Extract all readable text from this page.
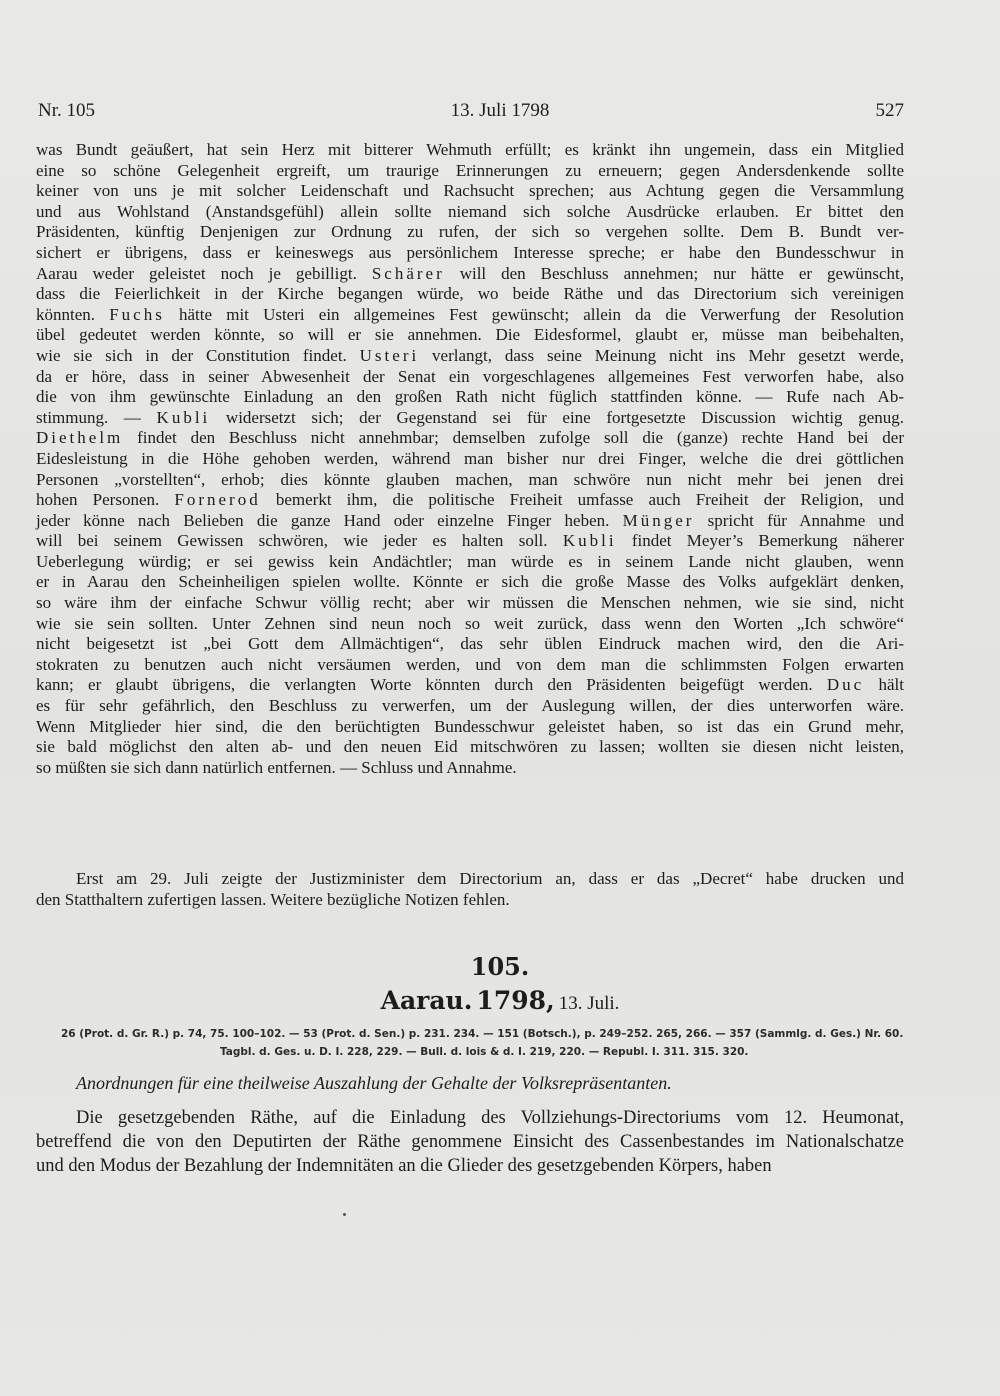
Nr. 105	13. Juli 1798	527

was Bundt geäußert, hat sein Herz mit bitterer Wehmuth erfüllt; es kränkt ihn ungemein, dass ein Mitglied

eine so schöne Gelegenheit ergreift, um traurige Erinnerungen zu erneuern; gegen Andersdenkende sollte

keiner von uns je mit solcher Leidenschaft und Rachsucht sprechen; aus Achtung gegen die Versammlung

und aus Wohlstand (Anstandsgefühl) allein sollte niemand sich solche Ausdrücke erlauben. Er bittet den

Präsidenten, künftig Denjenigen zur Ordnung zu rufen, der sich so vergehen sollte. Dem B. Bundt ver-

sichert er übrigens, dass er keineswegs aus persönlichem Interesse spreche; er habe den Bundesschwur in

Aarau weder geleistet noch je gebilligt. Schärer will den Beschluss annehmen; nur hätte er gewünscht,

dass die Feierlichkeit in der Kirche begangen würde, wo beide Räthe und das Directorium sich vereinigen

könnten. Fuchs hätte mit Usteri ein allgemeines Fest gewünscht; allein da die Verwerfung der Resolution

übel gedeutet werden könnte, so will er sie annehmen. Die Eidesformel, glaubt er, müsse man beibehalten,

wie sie sich in der Constitution findet. Usteri verlangt, dass seine Meinung nicht ins Mehr gesetzt werde,

da er höre, dass in seiner Abwesenheit der Senat ein vorgeschlagenes allgemeines Fest verworfen habe, also

die von ihm gewünschte Einladung an den großen Rath nicht füglich stattfinden könne. — Rufe nach Ab-

stimmung. — Kubli widersetzt sich; der Gegenstand sei für eine fortgesetzte Discussion wichtig genug.

Diethelm findet den Beschluss nicht annehmbar; demselben zufolge soll die (ganze) rechte Hand bei der

Eidesleistung in die Höhe gehoben werden, während man bisher nur drei Finger, welche die drei göttlichen

Personen „vorstellten“, erhob; dies könnte glauben machen, man schwöre nun nicht mehr bei jenen drei

hohen Personen. Fornerod bemerkt ihm, die politische Freiheit umfasse auch Freiheit der Religion, und

jeder könne nach Belieben die ganze Hand oder einzelne Finger heben. Münger spricht für Annahme und

will bei seinem Gewissen schwören, wie jeder es halten soll. Kubli findet Meyer’s Bemerkung näherer

Ueberlegung würdig; er sei gewiss kein Andächtler; man würde es in seinem Lande nicht glauben, wenn

er in Aarau den Scheinheiligen spielen wollte. Könnte er sich die große Masse des Volks aufgeklärt denken,

so wäre ihm der einfache Schwur völlig recht; aber wir müssen die Menschen nehmen, wie sie sind, nicht

wie sie sein sollten. Unter Zehnen sind neun noch so weit zurück, dass wenn den Worten „Ich schwöre“

nicht beigesetzt ist „bei Gott dem Allmächtigen“, das sehr üblen Eindruck machen wird, den die Ari-

stokraten zu benutzen auch nicht versäumen werden, und von dem man die schlimmsten Folgen erwarten

kann; er glaubt übrigens, die verlangten Worte könnten durch den Präsidenten beigefügt werden. Duc hält

es für sehr gefährlich, den Beschluss zu verwerfen, um der Auslegung willen, der dies unterworfen wäre.

Wenn Mitglieder hier sind, die den berüchtigten Bundesschwur geleistet haben, so ist das ein Grund mehr,

sie bald möglichst den alten ab- und den neuen Eid mitschwören zu lassen; wollten sie diesen nicht leisten,

so müßten sie sich dann natürlich entfernen. — Schluss und Annahme.

Erst am 29. Juli zeigte der Justizminister dem Directorium an, dass er das „Decret“ habe drucken und

den Statthaltern zufertigen lassen. Weitere bezügliche Notizen fehlen.

105.
Aarau. 1798, 13. Juli.
26 (Prot. d. Gr. R.) p. 74, 75. 100–102. — 53 (Prot. d. Sen.) p. 231. 234. — 151 (Botsch.), p. 249–252. 265, 266. — 357 (Sammlg. d. Ges.) Nr. 60.
Tagbl. d. Ges. u. D. I. 228, 229. — Bull. d. lois & d. I. 219, 220. — Republ. I. 311. 315. 320.
Anordnungen für eine theilweise Auszahlung der Gehalte der Volksrepräsentanten.

Die gesetzgebenden Räthe, auf die Einladung des Vollziehungs-Directoriums vom 12. Heumonat,

betreffend die von den Deputirten der Räthe genommene Einsicht des Cassenbestandes im Nationalschatze

und den Modus der Bezahlung der Indemnitäten an die Glieder des gesetzgebenden Körpers, haben
